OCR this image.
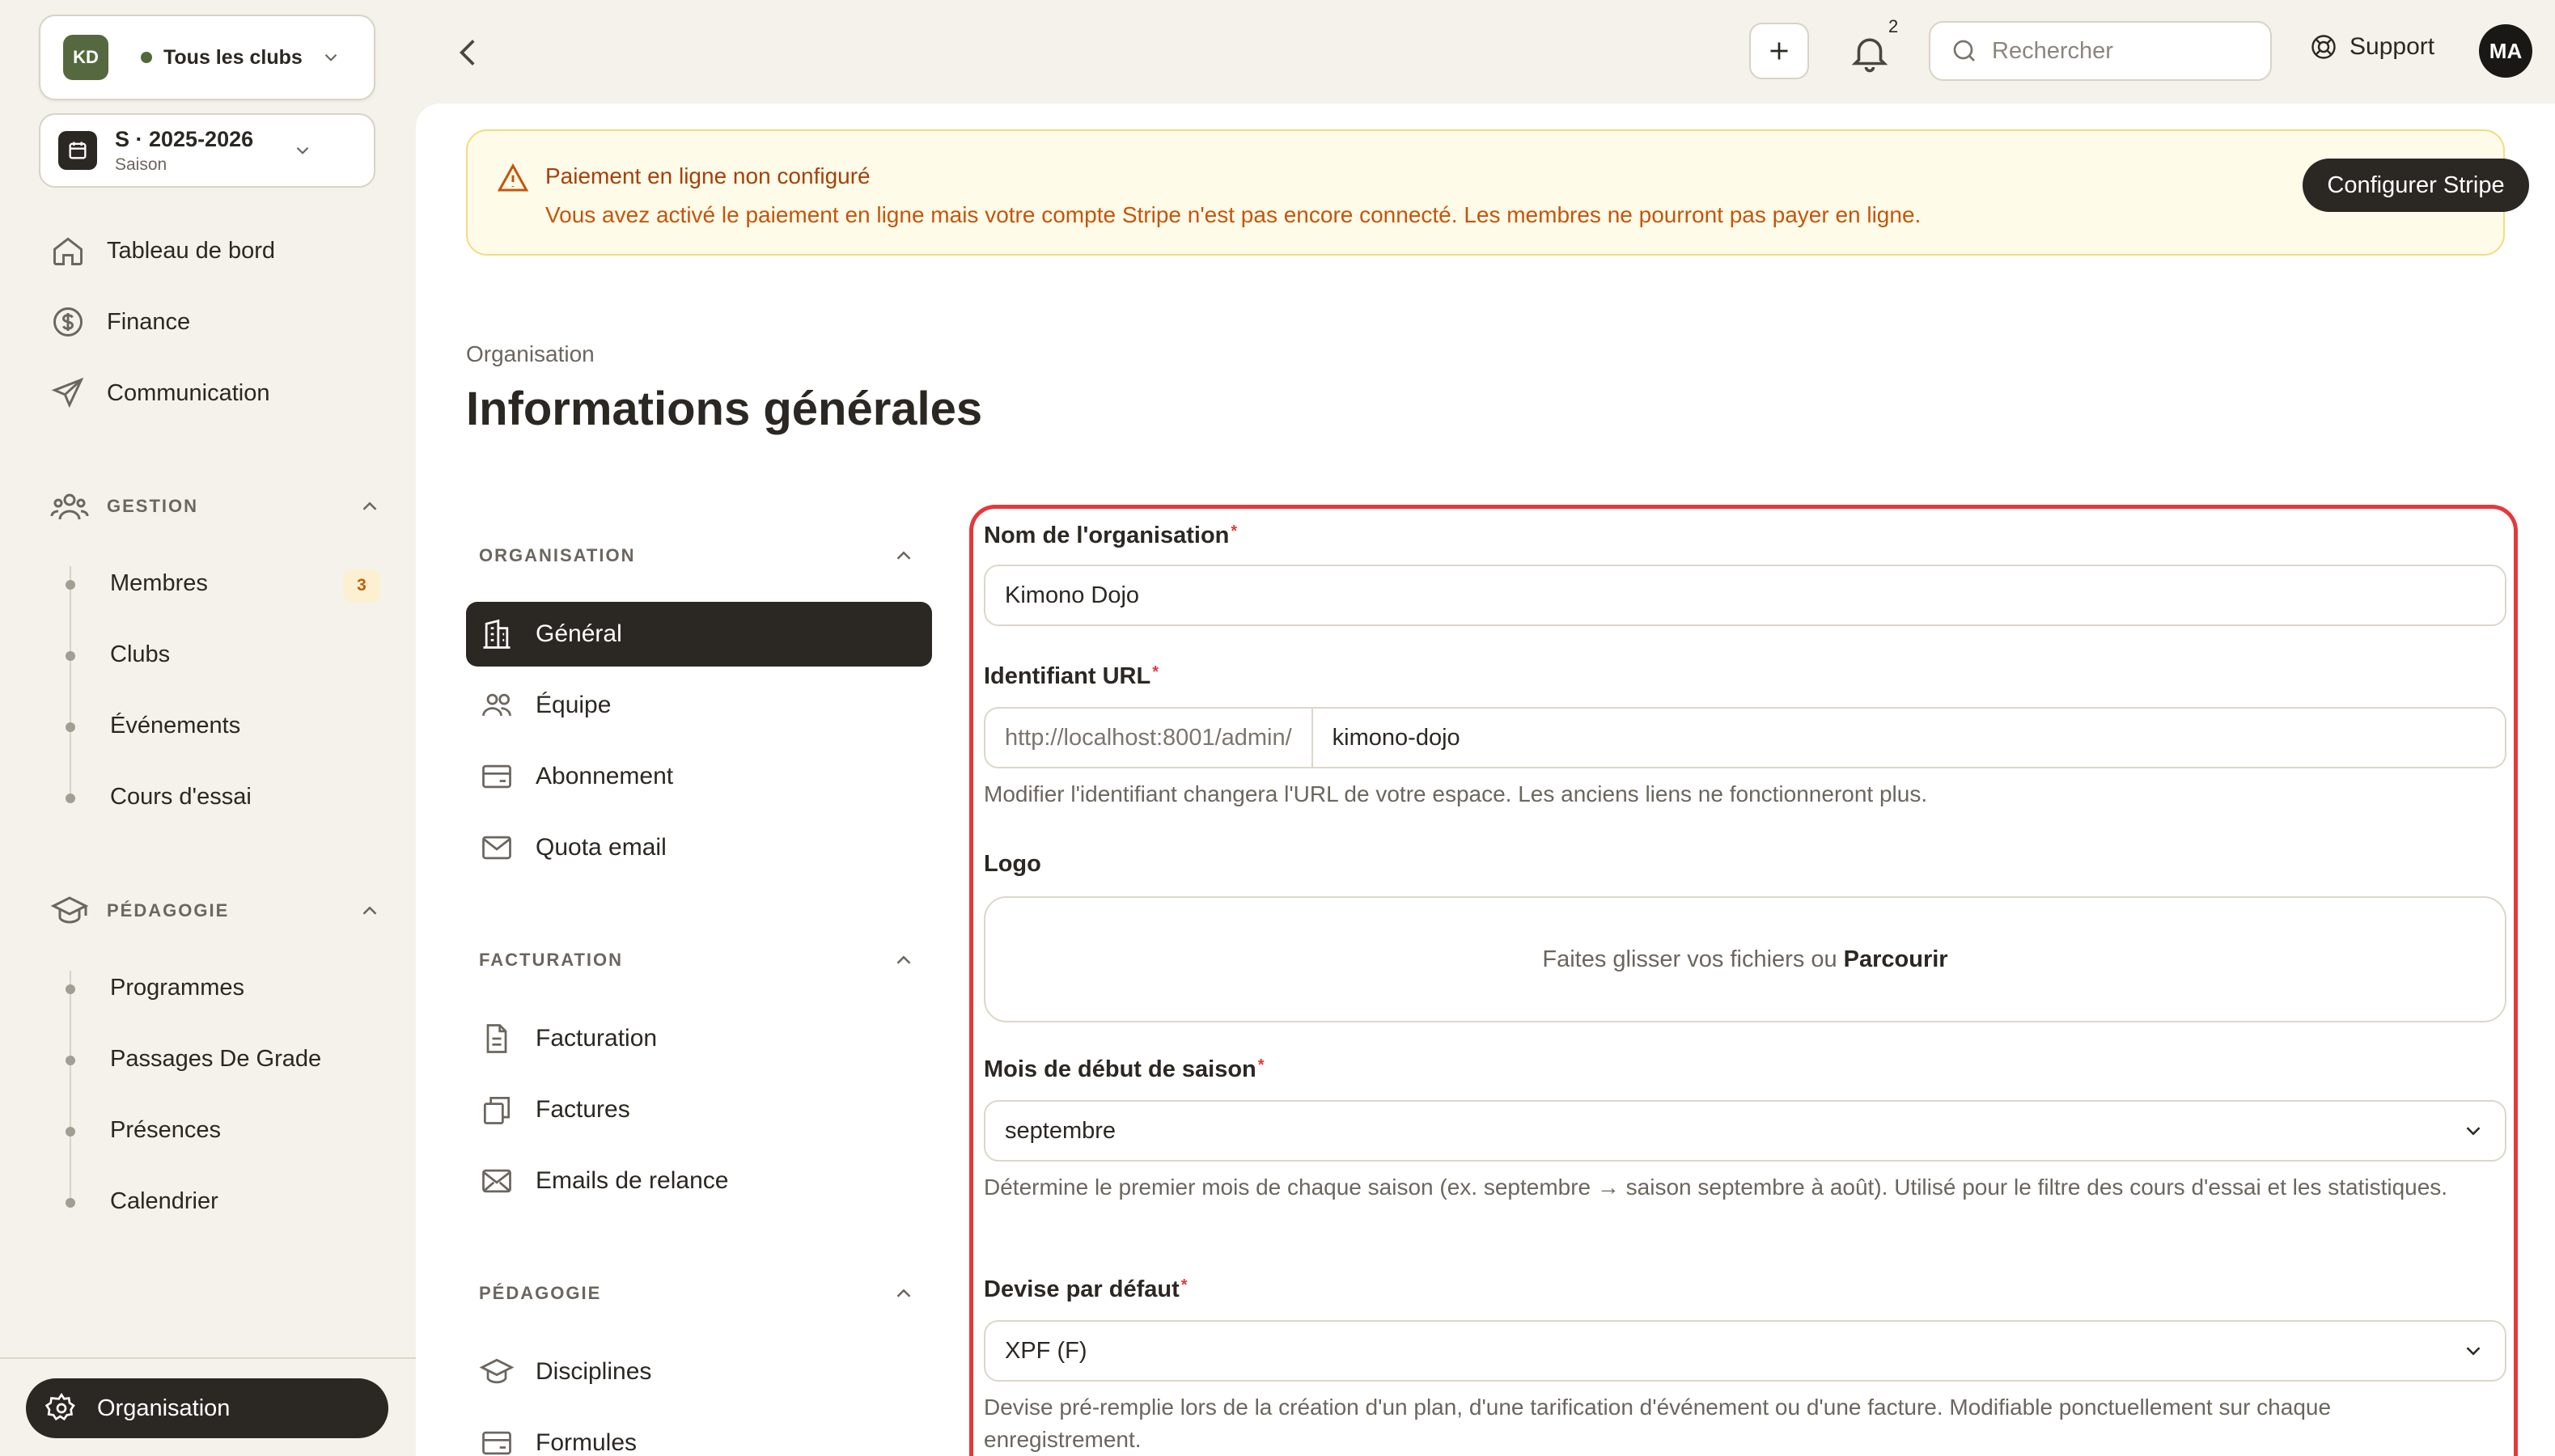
KD	Tous les clubs
S · 2025-2026
Saison
Tableau de bord
Finance
Communication
GESTION
Membres	3
Clubs
Événements
Cours d'essai
PÉDAGOGIE
Programmes
Passages De Grade
Présences
Calendrier
Organisation
2
Rechercher
Support	MA
Paiement en ligne non configuré
Vous avez activé le paiement en ligne mais votre compte Stripe n'est pas encore connecté. Les membres ne pourront pas payer en ligne.
Configurer Stripe
Organisation
Informations générales
ORGANISATION
Général
Équipe
Abonnement
Quota email
FACTURATION
Facturation
Factures
Emails de relance
PÉDAGOGIE
Disciplines
Formules
Nom de l'organisation *
Kimono Dojo
Identifiant URL *
http://localhost:8001/admin/	kimono-dojo
Modifier l'identifiant changera l'URL de votre espace. Les anciens liens ne fonctionneront plus.
Logo
Faites glisser vos fichiers ou Parcourir
Mois de début de saison *
septembre
Détermine le premier mois de chaque saison (ex. septembre → saison septembre à août). Utilisé pour le filtre des cours d'essai et les statistiques.
Devise par défaut *
XPF (F)
Devise pré-remplie lors de la création d'un plan, d'une tarification d'événement ou d'une facture. Modifiable ponctuellement sur chaque enregistrement.
